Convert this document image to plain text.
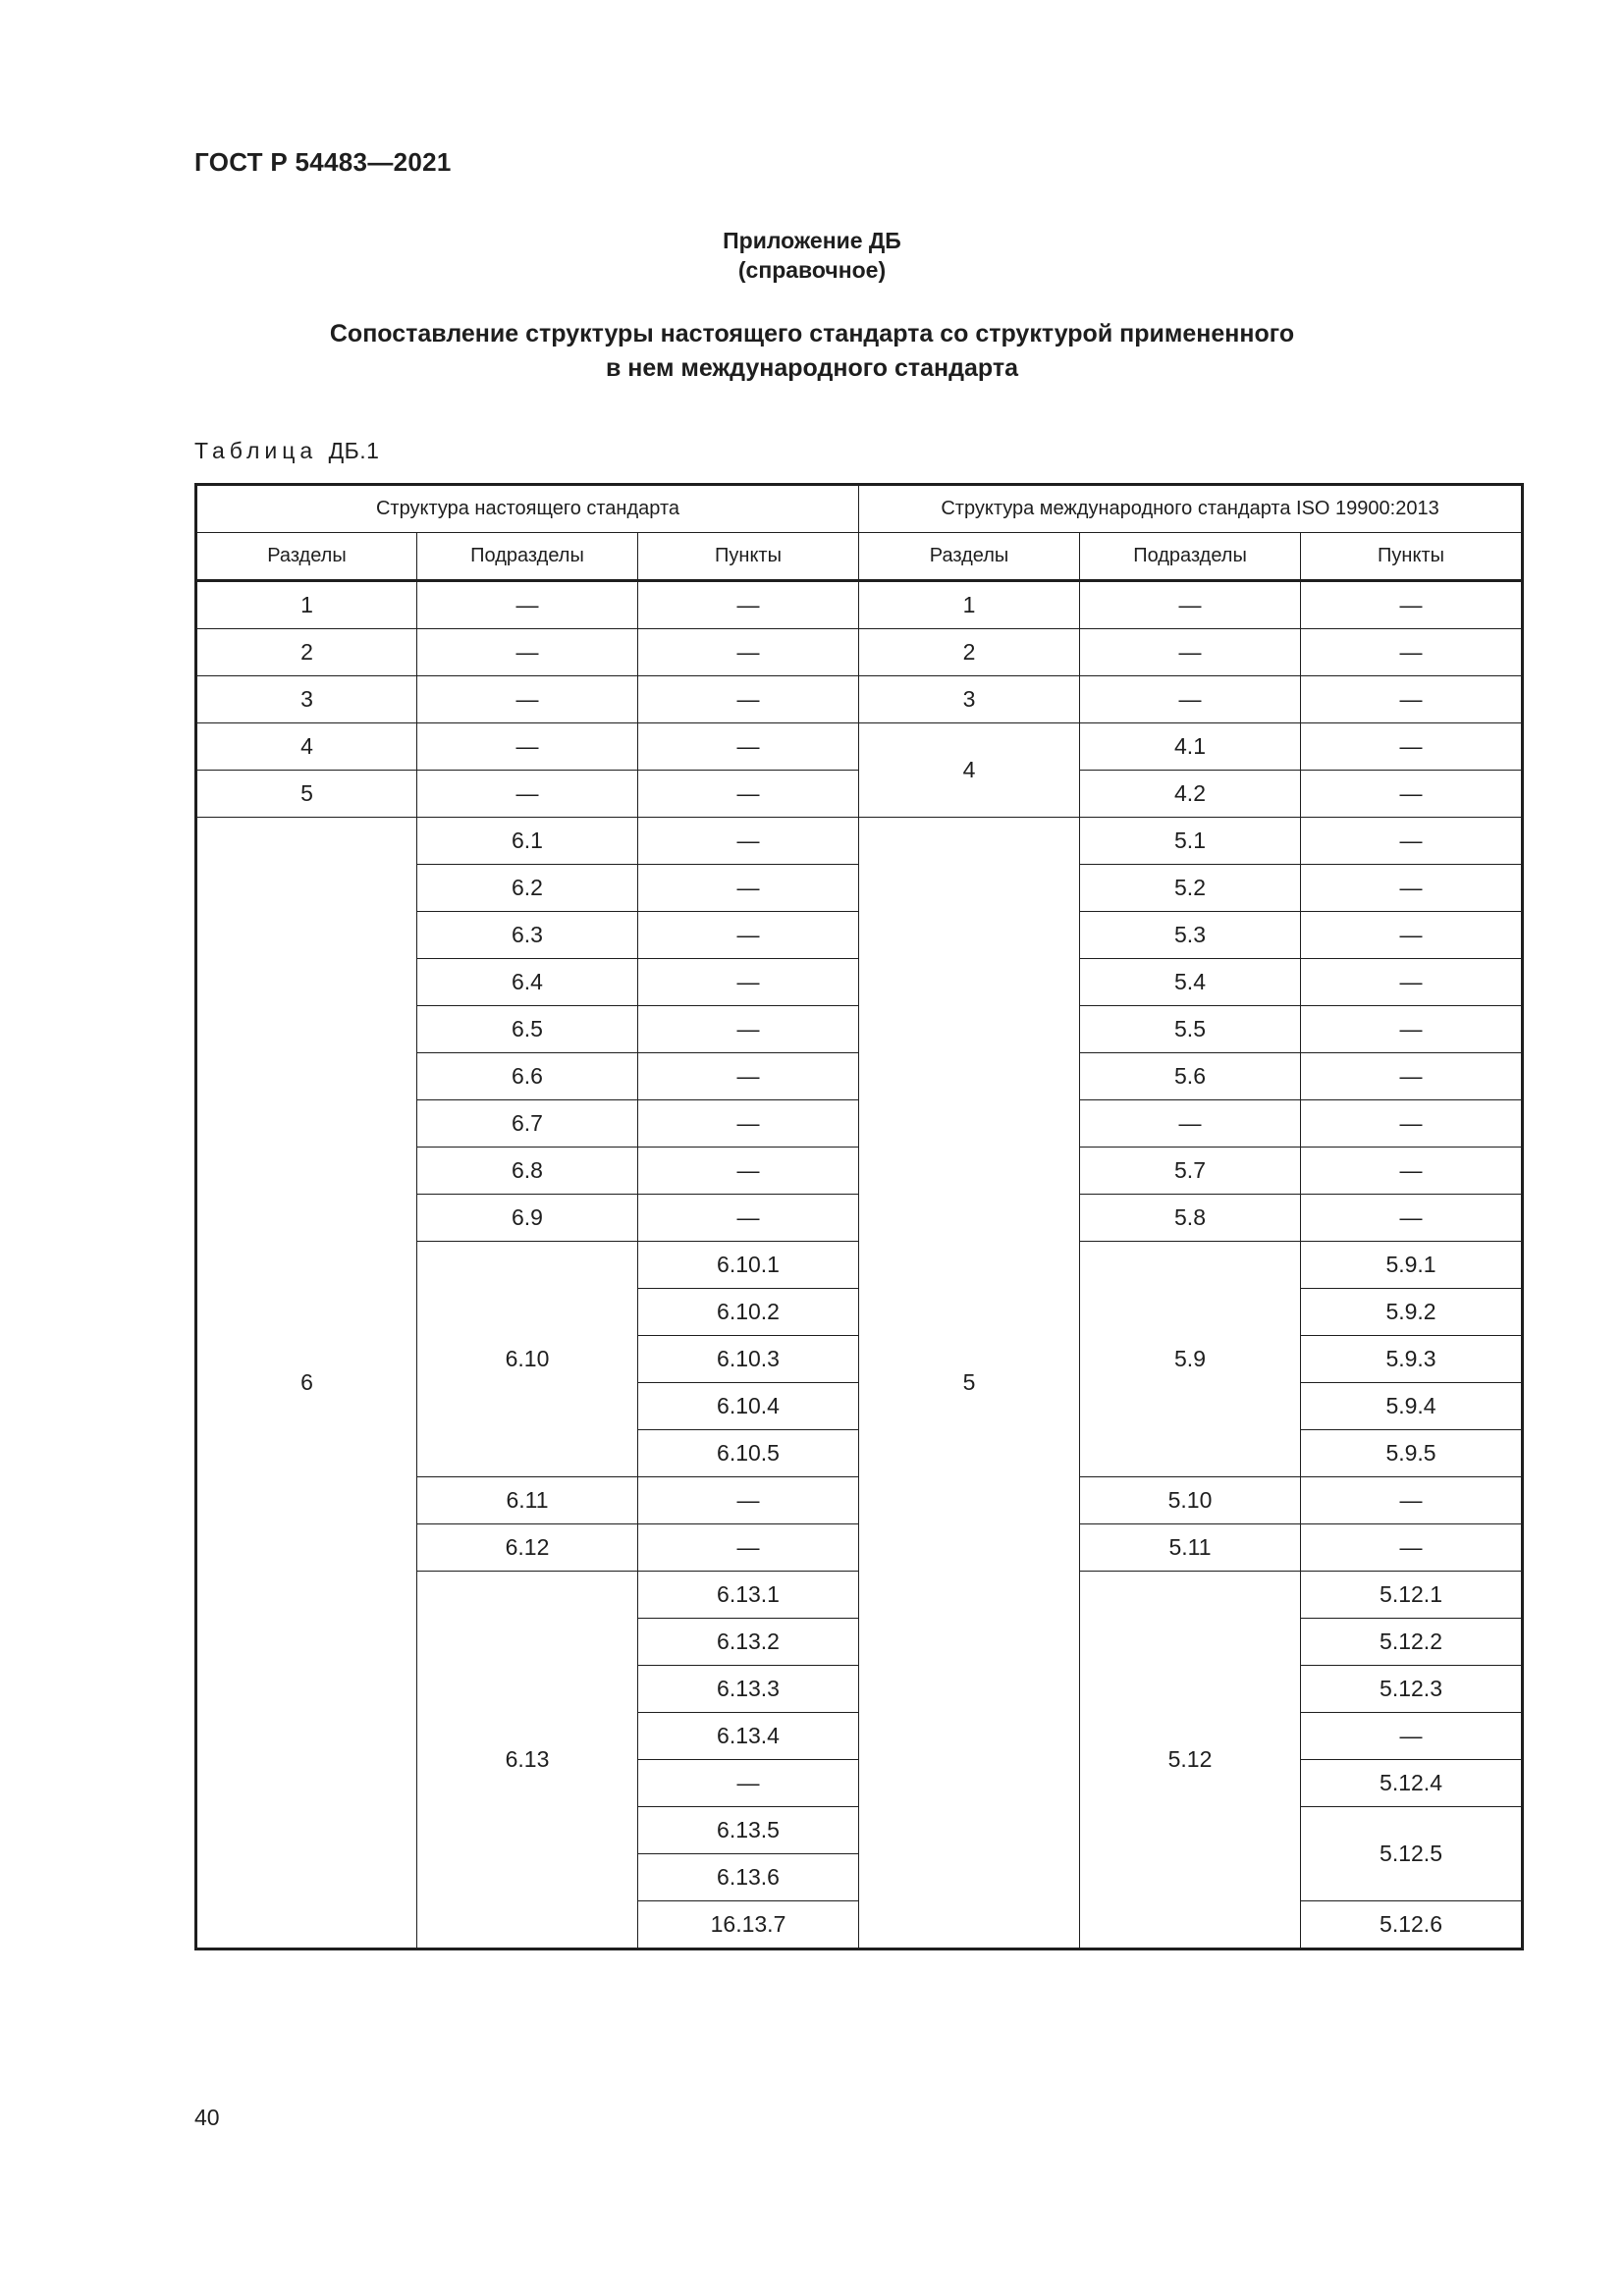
ГОСТ Р 54483—2021
Приложение ДБ
(справочное)
Сопоставление структуры настоящего стандарта со структурой примененного
в нем международного стандарта
Таблица ДБ.1
Структура настоящего стандарта			Структура международного стандарта ISO 19900:2013		
Разделы	Подразделы	Пункты	Разделы	Подразделы	Пункты
1	—	—	1	—	—
2	—	—	2	—	—
3	—	—	3	—	—
4	—	—	4	4.1	—
5	—	—		4.2	—
6	6.1	—	5	5.1	—
	6.2	—		5.2	—
	6.3	—		5.3	—
	6.4	—		5.4	—
	6.5	—		5.5	—
	6.6	—		5.6	—
	6.7	—		—	—
	6.8	—		5.7	—
	6.9	—		5.8	—
	6.10	6.10.1		5.9	5.9.1
		6.10.2			5.9.2
		6.10.3			5.9.3
		6.10.4			5.9.4
		6.10.5			5.9.5
	6.11	—		5.10	—
	6.12	—		5.11	—
	6.13	6.13.1		5.12	5.12.1
		6.13.2			5.12.2
		6.13.3			5.12.3
		6.13.4			—
		—			5.12.4
		6.13.5			5.12.5
		6.13.6			
		16.13.7			5.12.6
40
